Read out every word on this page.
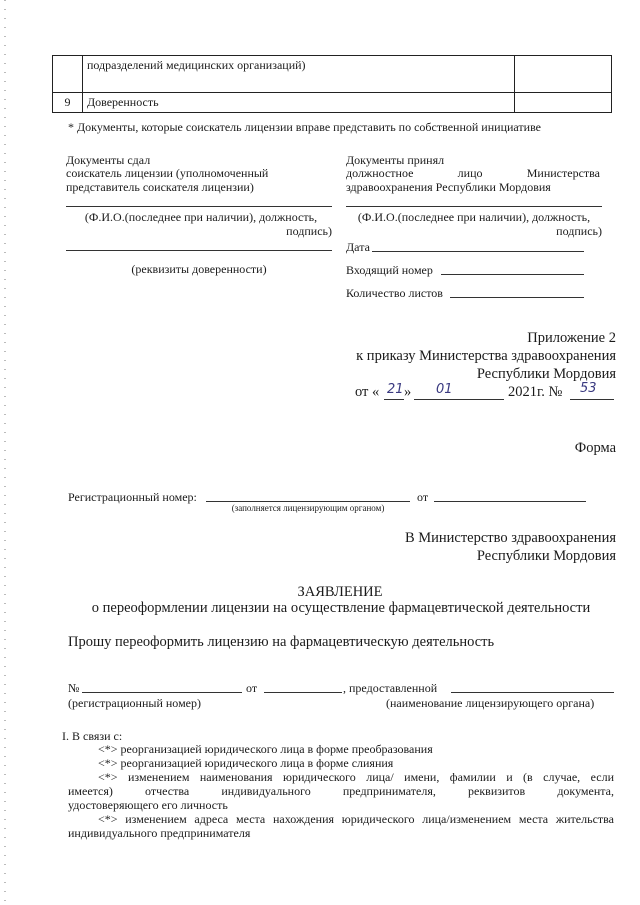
	подразделений медицинских организаций)	
9	Доверенность	
* Документы, которые соискатель лицензии вправе представить по собственной инициативе
Документы сдал
соискатель лицензии (уполномоченный
представитель соискателя лицензии)
(Ф.И.О.(последнее при наличии), должность,
подпись)
(реквизиты доверенности)
Документы принял
должностное	лицо	Министерства
здравоохранения Республики Мордовия
(Ф.И.О.(последнее при наличии), должность,
подпись)
Дата
Входящий номер
Количество листов
Приложение 2
к приказу Министерства здравоохранения
Республики Мордовия
от « 21 » 01	2021г. № 53
Форма
Регистрационный номер:	от
(заполняется лицензирующим органом)
В Министерство здравоохранения
Республики Мордовия
ЗАЯВЛЕНИЕ
о переоформлении лицензии на осуществление фармацевтической деятельности
Прошу переоформить лицензию на фармацевтическую деятельность
№	от	, предоставленной
(регистрационный номер)	(наименование лицензирующего органа)
I. В связи с:
<*> реорганизацией юридического лица в форме преобразования
<*> реорганизацией юридического лица в форме слияния
<*> изменением наименования юридического лица/ имени, фамилии и (в случае, если
имеется) отчества индивидуального предпринимателя, реквизитов документа,
удостоверяющего его личность
<*> изменением адреса места нахождения юридического лица/изменением места жительства
индивидуального предпринимателя
